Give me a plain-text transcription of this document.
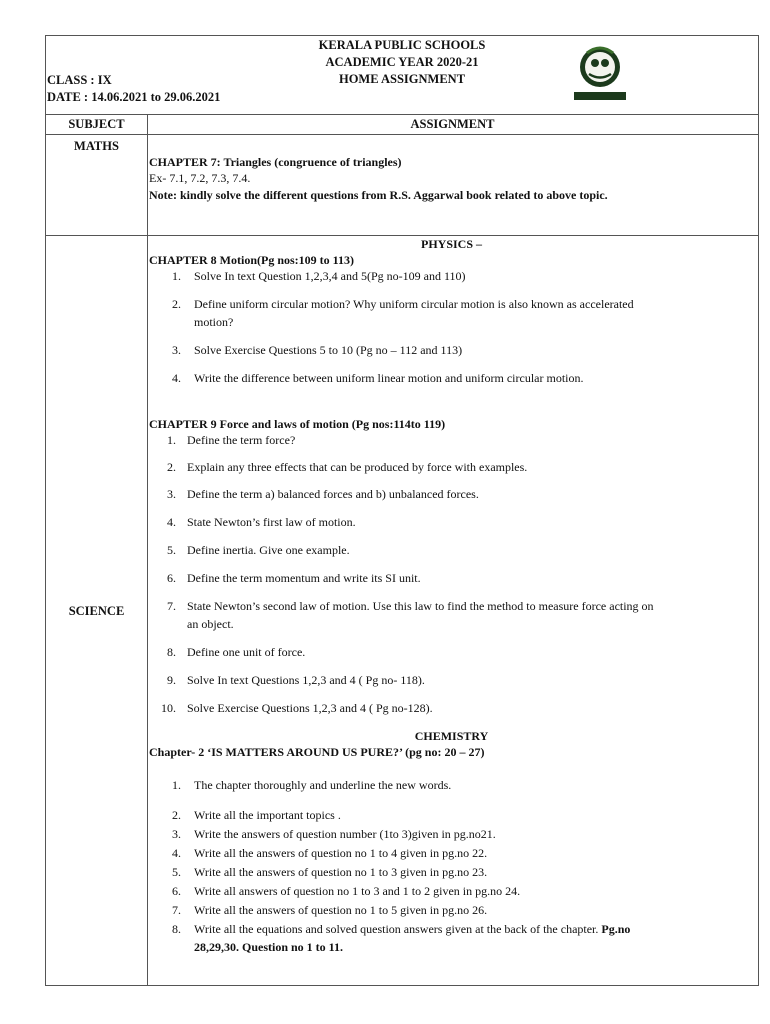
KERALA PUBLIC SCHOOLS
ACADEMIC YEAR 2020-21
HOME ASSIGNMENT
CLASS : IX
DATE : 14.06.2021 to 29.06.2021
SUBJECT	ASSIGNMENT
MATHS
CHAPTER 7: Triangles (congruence of triangles)
Ex- 7.1, 7.2, 7.3, 7.4.
Note: kindly solve the different questions from R.S. Aggarwal book related to above topic.
SCIENCE
PHYSICS –
CHAPTER 8 Motion(Pg nos:109 to 113)
1. Solve In text Question 1,2,3,4 and 5(Pg no-109 and 110)
2. Define uniform circular motion? Why uniform circular motion is also known as accelerated
motion?
3. Solve Exercise Questions 5 to 10 (Pg no – 112 and 113)
4. Write the difference between uniform linear motion and uniform circular motion.
CHAPTER 9 Force and laws of motion (Pg nos:114to 119)
1. Define the term force?
2. Explain any three effects that can be produced by force with examples.
3. Define the term a) balanced forces and b) unbalanced forces.
4. State Newton’s first law of motion.
5. Define inertia. Give one example.
6. Define the term momentum and write its SI unit.
7. State Newton’s second law of motion. Use this law to find the method to measure force acting on
an object.
8. Define one unit of force.
9. Solve In text Questions 1,2,3 and 4 ( Pg no- 118).
10. Solve Exercise Questions 1,2,3 and 4 ( Pg no-128).
CHEMISTRY
Chapter- 2 ‘IS MATTERS AROUND US PURE?’ (pg no: 20 – 27)
1. The chapter thoroughly and underline the new words.
2. Write all the important topics .
3. Write the answers of question number (1to 3)given in pg.no21.
4. Write all the answers of question no 1 to 4 given in pg.no 22.
5. Write all the answers of question no 1 to 3 given in pg.no 23.
6. Write all answers of question no 1 to 3 and 1 to 2 given in pg.no 24.
7. Write all the answers of question no 1 to 5 given in pg.no 26.
8. Write all the equations and solved question answers given at the back of the chapter. Pg.no
28,29,30. Question no 1 to 11.
